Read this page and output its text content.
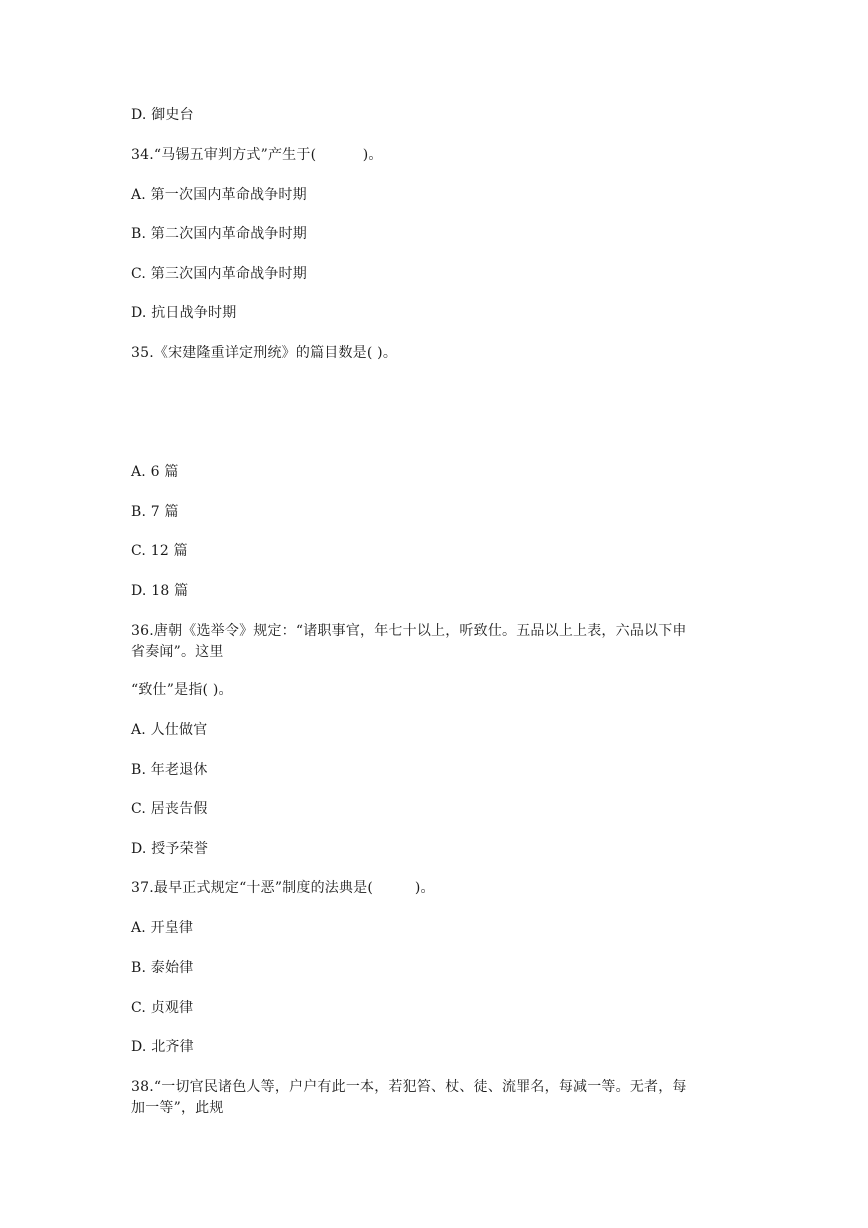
D. 御史台
34.“马锡五审判方式”产生于(          )。
A. 第一次国内革命战争时期
B. 第二次国内革命战争时期
C. 第三次国内革命战争时期
D. 抗日战争时期
35.《宋建隆重详定刑统》的篇目数是( )。
A. 6 篇
B. 7 篇
C. 12 篇
D. 18 篇
36.唐朝《选举令》规定：“诸职事官，年七十以上，听致仕。五品以上上表，六品以下申
省奏闻”。这里
“致仕”是指( )。
A. 人仕做官
B. 年老退休
C. 居丧告假
D. 授予荣誉
37.最早正式规定“十恶”制度的法典是(         )。
A. 开皇律
B. 泰始律
C. 贞观律
D. 北齐律
38.“一切官民诸色人等，户户有此一本，若犯笞、杖、徒、流罪名，每减一等。无者，每
加一等”，此规
